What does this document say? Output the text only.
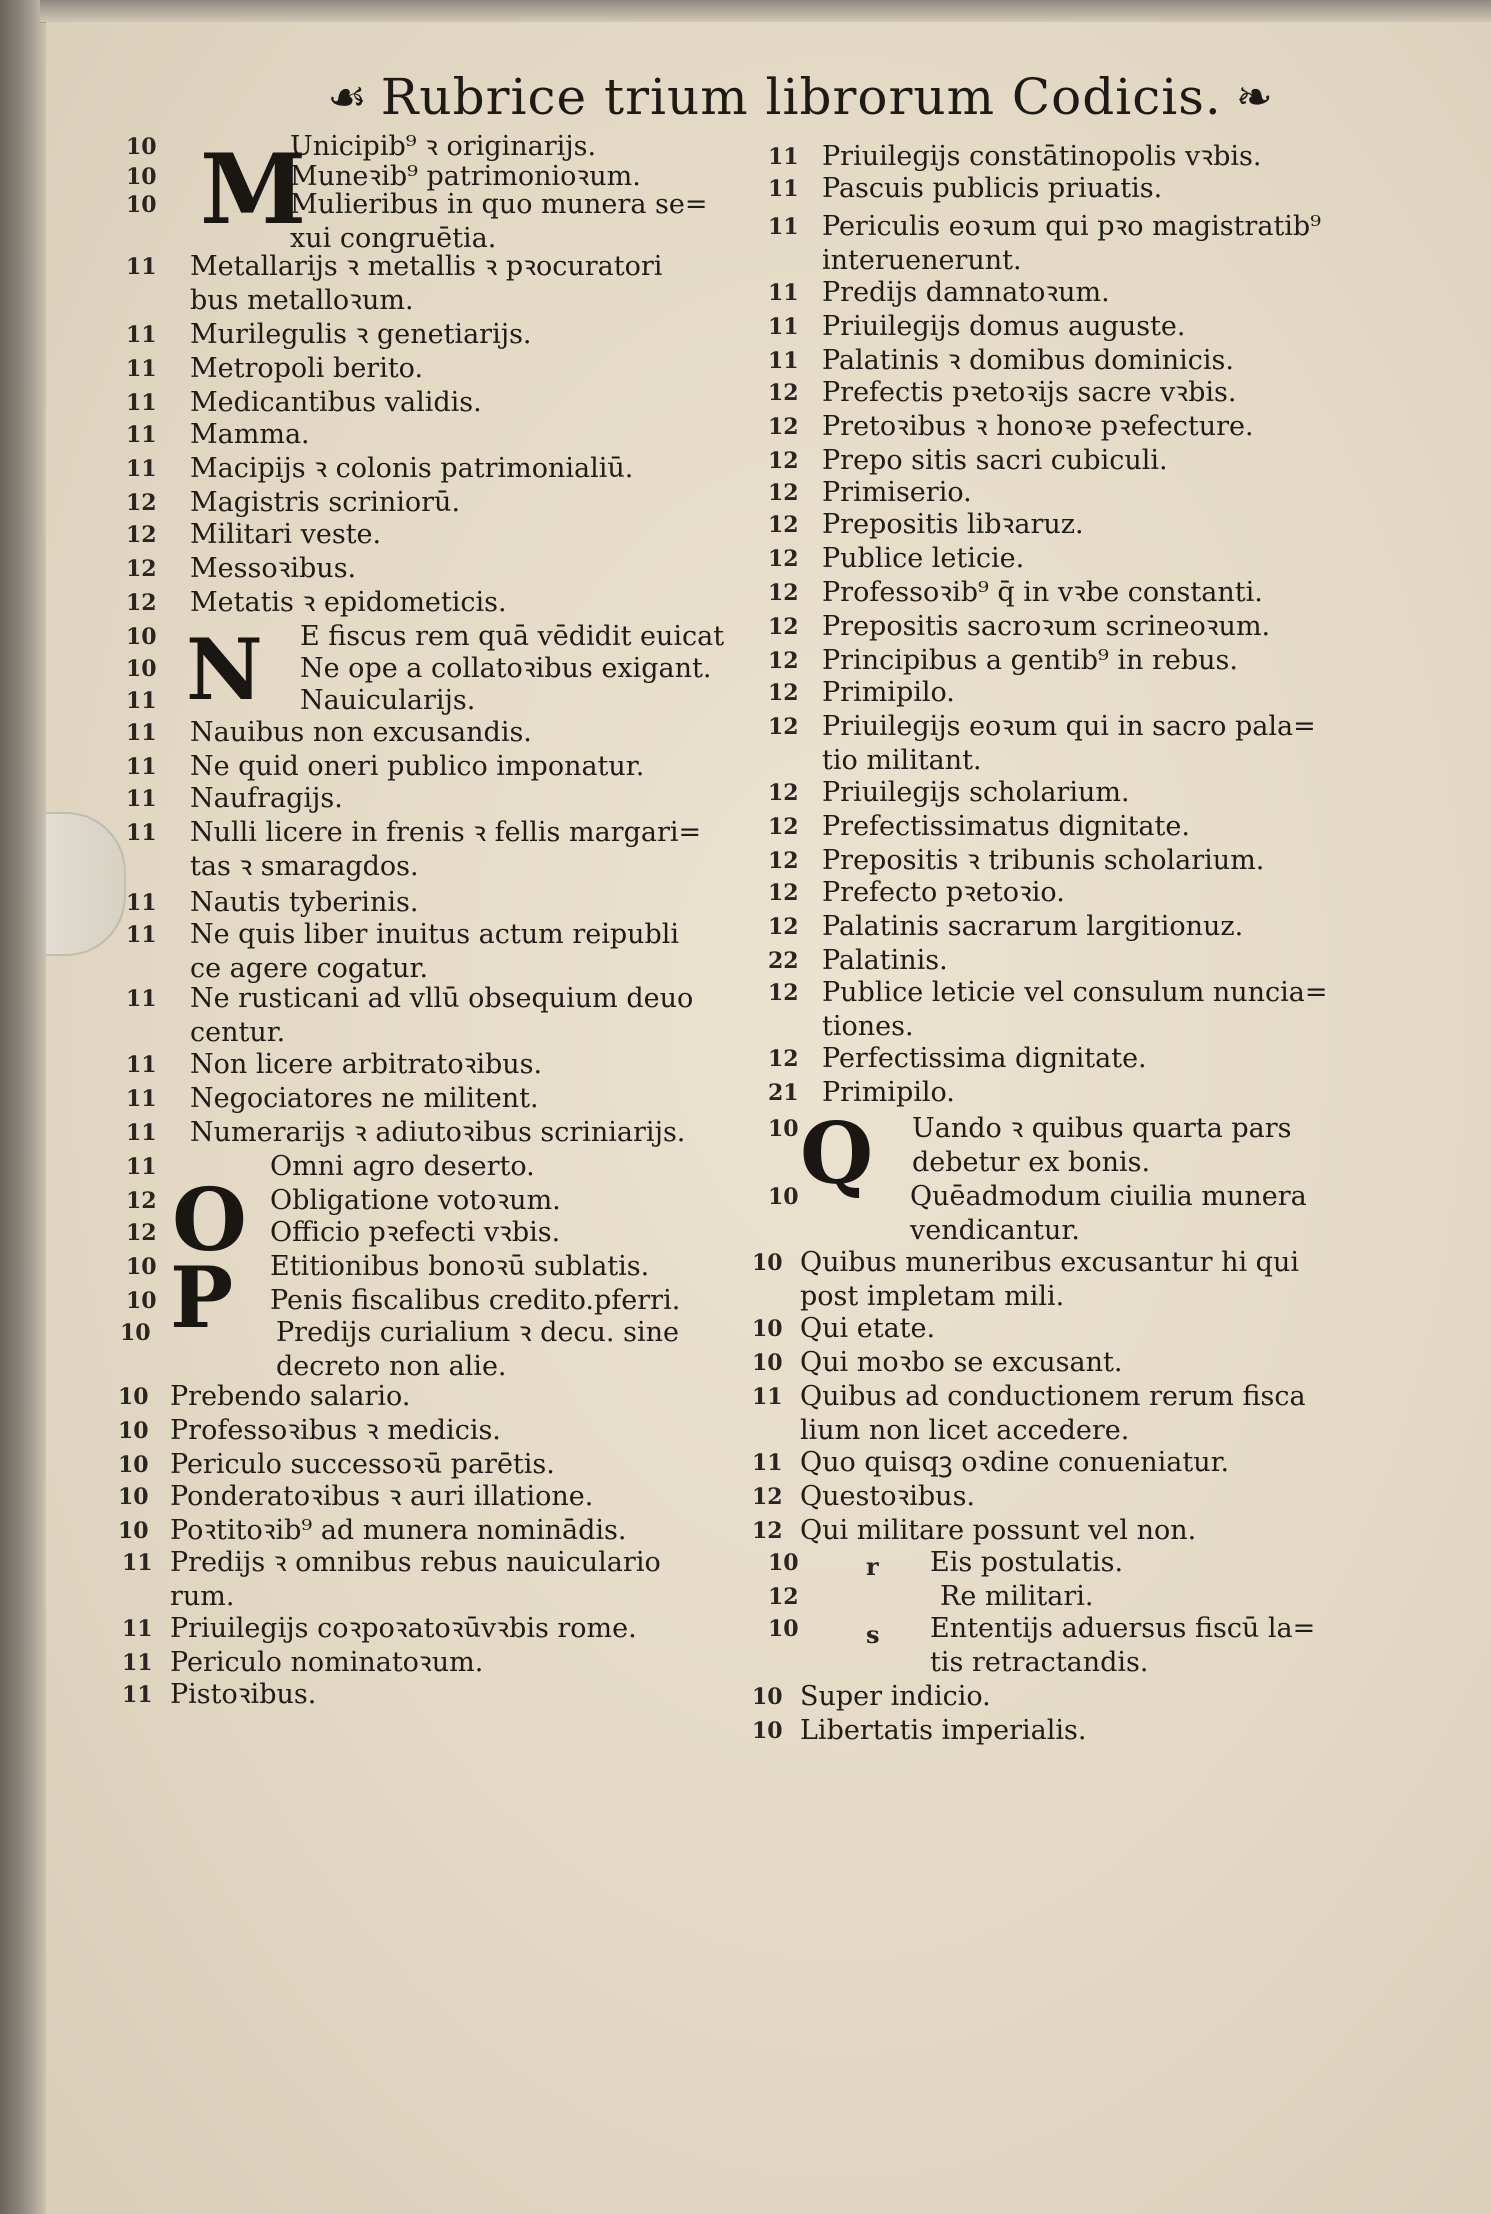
☙ Rubrice trium librorum Codicis. ❧
10	Unicipib⁹ ꝛ originarijs.
10	Muneꝛib⁹ patrimonioꝛum.
10	Mulieribus in quo munera se=
xui congruētia.
11 Metallarijs ꝛ metallis ꝛ pꝛocuratori
bus metalloꝛum.
11 Murilegulis ꝛ genetiarijs.
11 Metropoli berito.
11 Medicantibus validis.
11 Mamma.
11 Macipijs ꝛ colonis patrimonialiū.
12 Magistris scriniorū.
12 Militari veste.
12 Messoꝛibus.
12 Metatis ꝛ epidometicis.
10	E fiscus rem quā vēdidit euicat
10	Ne ope a collatoꝛibus exigant.
11	Nauicularijs.
11 Nauibus non excusandis.
11 Ne quid oneri publico imponatur.
11 Naufragijs.
11 Nulli licere in frenis ꝛ fellis margari=
tas ꝛ smaragdos.
11 Nautis tyberinis.
11 Ne quis liber inuitus actum reipubli
ce agere cogatur.
11 Ne rusticani ad vllū obsequium deuo
centur.
11 Non licere arbitratoꝛibus.
11 Negociatores ne militent.
11 Numerarijs ꝛ adiutoꝛibus scriniarijs.
11	Omni agro deserto.
12	Obligatione votoꝛum.
12	Officio pꝛefecti vꝛbis.
10	Etitionibus bonoꝛū sublatis.
10	Penis fiscalibus credito.pferri.
10	Predijs curialium ꝛ decu. sine
decreto non alie.
10 Prebendo salario.
10 Professoꝛibus ꝛ medicis.
10 Periculo successoꝛū parētis.
10 Ponderatoꝛibus ꝛ auri illatione.
10 Poꝛtitoꝛib⁹ ad munera nominādis.
11 Predijs ꝛ omnibus rebus nauiculario
rum.
11 Priuilegijs coꝛpoꝛatoꝛūvꝛbis rome.
11 Periculo nominatoꝛum.
11 Pistoꝛibus.
11 Priuilegijs constātinopolis vꝛbis.
11 Pascuis publicis priuatis.
11 Periculis eoꝛum qui pꝛo magistratib⁹
interuenerunt.
11 Predijs damnatoꝛum.
11 Priuilegijs domus auguste.
11 Palatinis ꝛ domibus dominicis.
12 Prefectis pꝛetoꝛijs sacre vꝛbis.
12 Pretoꝛibus ꝛ honoꝛe pꝛefecture.
12 Prepo sitis sacri cubiculi.
12 Primiserio.
12 Prepositis libꝛaruz.
12 Publice leticie.
12 Professoꝛib⁹ q̄ in vꝛbe constanti.
12 Prepositis sacroꝛum scrineoꝛum.
12 Principibus a gentib⁹ in rebus.
12 Primipilo.
12 Priuilegijs eoꝛum qui in sacro pala=
tio militant.
12 Priuilegijs scholarium.
12 Prefectissimatus dignitate.
12 Prepositis ꝛ tribunis scholarium.
12 Prefecto pꝛetoꝛio.
12 Palatinis sacrarum largitionuz.
22 Palatinis.
12 Publice leticie vel consulum nuncia=
tiones.
12 Perfectissima dignitate.
21 Primipilo.
10	Uando ꝛ quibus quarta pars
debetur ex bonis.
10	Quēadmodum ciuilia munera
vendicantur.
10 Quibus muneribus excusantur hi qui
post impletam mili.
10 Qui etate.
10 Qui moꝛbo se excusant.
11 Quibus ad conductionem rerum fisca
lium non licet accedere.
11 Quo quisqꝫ oꝛdine conueniatur.
12 Questoꝛibus.
12 Qui militare possunt vel non.
10	Eis postulatis.
12	Re militari.
10	Ententijs aduersus fiscū la=
tis retractandis.
10 Super indicio.
10 Libertatis imperialis.
M
N
O
P
Q
r
s
